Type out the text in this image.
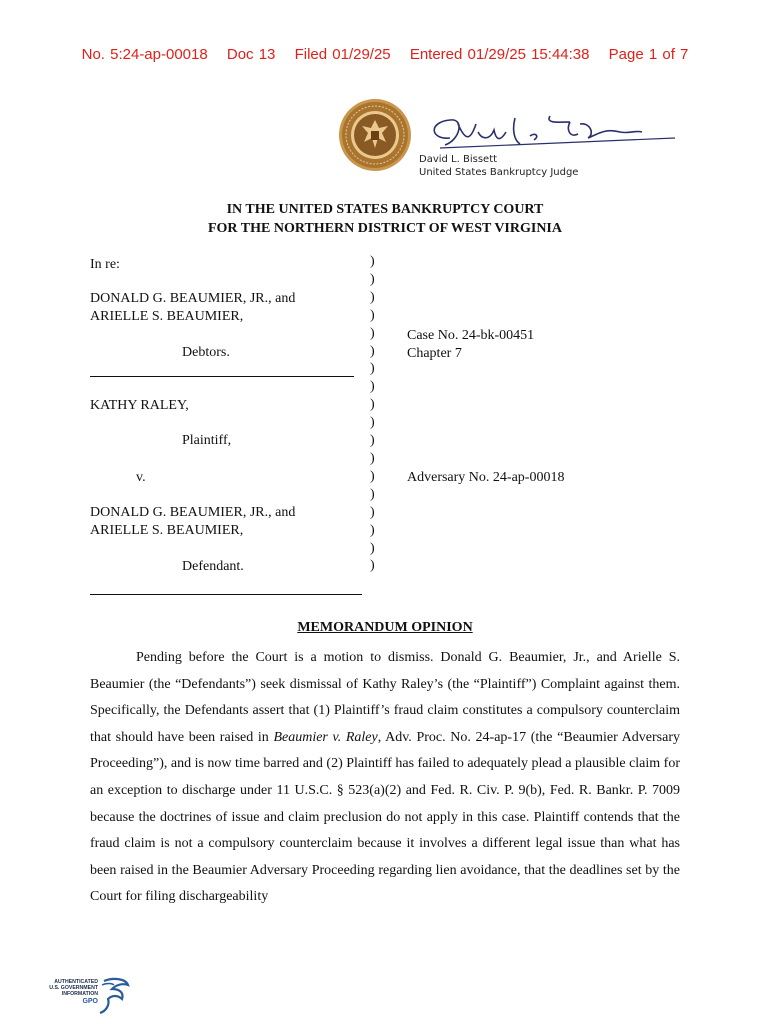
No. 5:24-ap-00018 Doc 13 Filed 01/29/25 Entered 01/29/25 15:44:38 Page 1 of 7
David L. Bissett
United States Bankruptcy Judge
IN THE UNITED STATES BANKRUPTCY COURT
FOR THE NORTHERN DISTRICT OF WEST VIRGINIA
In re:
DONALD G. BEAUMIER, JR., and
ARIELLE S. BEAUMIER,
Debtors.
KATHY RALEY,
Plaintiff,
v.
DONALD G. BEAUMIER, JR., and
ARIELLE S. BEAUMIER,
Defendant.
)
)
)
)
)
)
)
)
)
)
)
)
)
)
)
)
)
)
Case No. 24-bk-00451
Chapter 7
Adversary No. 24-ap-00018
MEMORANDUM OPINION
Pending before the Court is a motion to dismiss. Donald G. Beaumier, Jr., and Arielle S. Beaumier (the “Defendants”) seek dismissal of Kathy Raley’s (the “Plaintiff”) Complaint against them. Specifically, the Defendants assert that (1) Plaintiff’s fraud claim constitutes a compulsory counterclaim that should have been raised in Beaumier v. Raley, Adv. Proc. No. 24-ap-17 (the “Beaumier Adversary Proceeding”), and is now time barred and (2) Plaintiff has failed to adequately plead a plausible claim for an exception to discharge under 11 U.S.C. § 523(a)(2) and Fed. R. Civ. P. 9(b), Fed. R. Bankr. P. 7009 because the doctrines of issue and claim preclusion do not apply in this case. Plaintiff contends that the fraud claim is not a compulsory counterclaim because it involves a different legal issue than what has been raised in the Beaumier Adversary Proceeding regarding lien avoidance, that the deadlines set by the Court for filing dischargeability
AUTHENTICATED
U.S. GOVERNMENT
INFORMATION
GPO
